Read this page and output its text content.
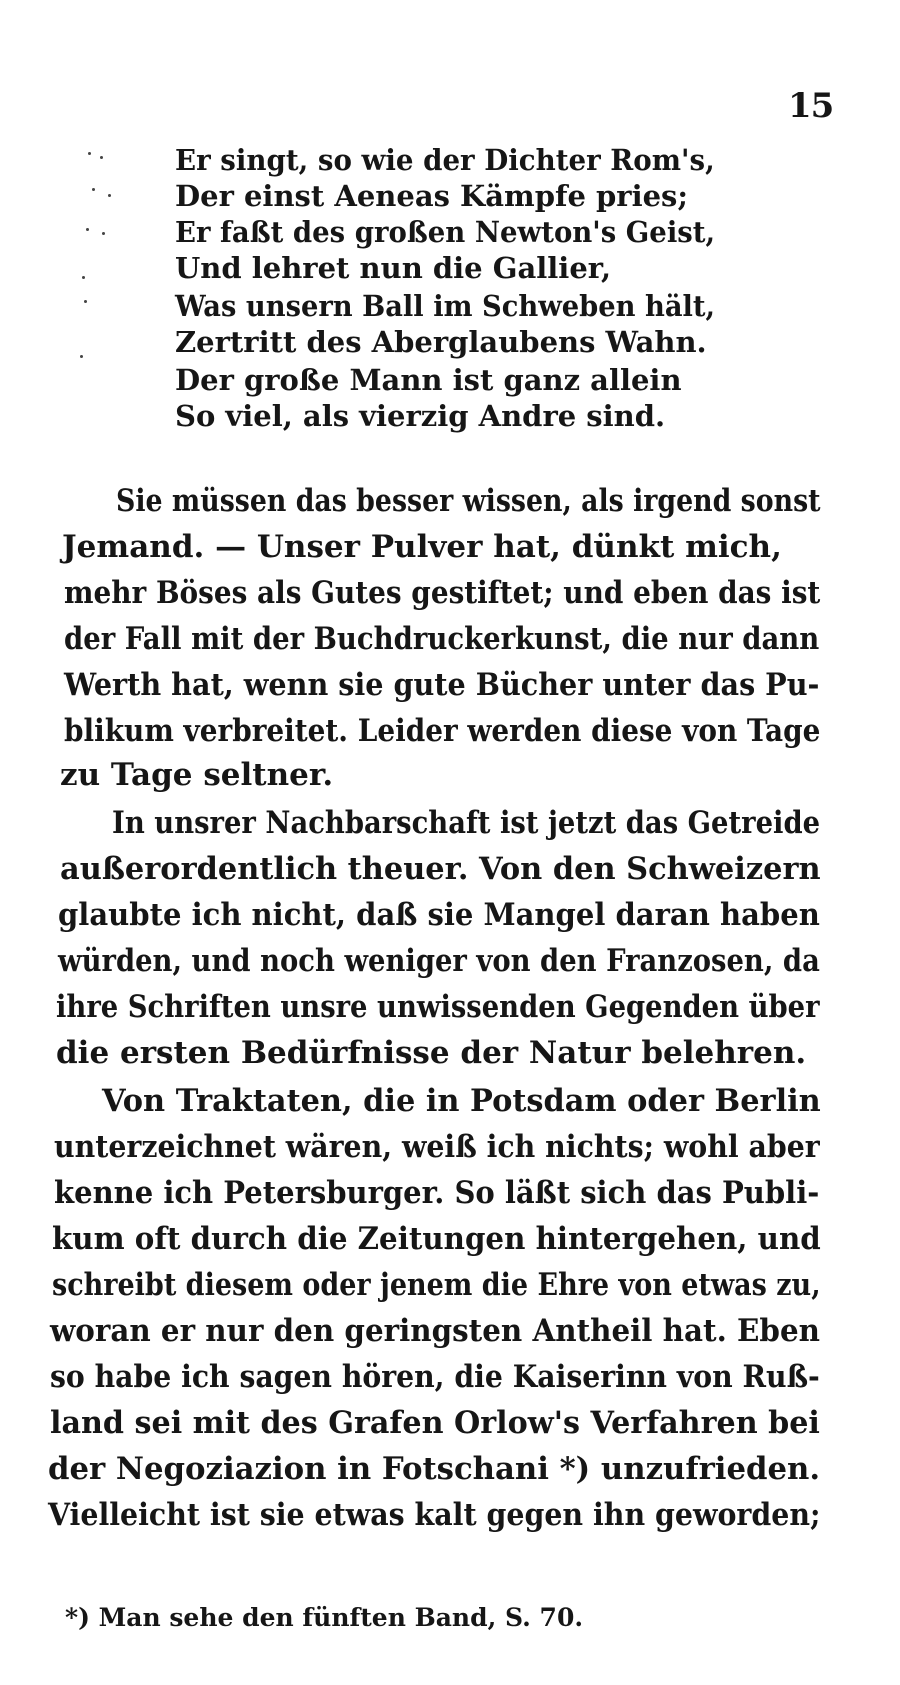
15
Er singt, so wie der Dichter Rom's,
Der einst Aeneas Kämpfe pries;
Er faßt des großen Newton's Geist,
Und lehret nun die Gallier,
Was unsern Ball im Schweben hält,
Zertritt des Aberglaubens Wahn.
Der große Mann ist ganz allein
So viel, als vierzig Andre sind.
Sie müssen das besser wissen, als irgend sonst
Jemand. — Unser Pulver hat, dünkt mich,
mehr Böses als Gutes gestiftet; und eben das ist
der Fall mit der Buchdruckerkunst, die nur dann
Werth hat, wenn sie gute Bücher unter das Pu-
blikum verbreitet. Leider werden diese von Tage
zu Tage seltner.
In unsrer Nachbarschaft ist jetzt das Getreide
außerordentlich theuer. Von den Schweizern
glaubte ich nicht, daß sie Mangel daran haben
würden, und noch weniger von den Franzosen, da
ihre Schriften unsre unwissenden Gegenden über
die ersten Bedürfnisse der Natur belehren.
Von Traktaten, die in Potsdam oder Berlin
unterzeichnet wären, weiß ich nichts; wohl aber
kenne ich Petersburger. So läßt sich das Publi-
kum oft durch die Zeitungen hintergehen, und
schreibt diesem oder jenem die Ehre von etwas zu,
woran er nur den geringsten Antheil hat. Eben
so habe ich sagen hören, die Kaiserinn von Ruß-
land sei mit des Grafen Orlow's Verfahren bei
der Negoziazion in Fotschani *) unzufrieden.
Vielleicht ist sie etwas kalt gegen ihn geworden;
*) Man sehe den fünften Band, S. 70.
